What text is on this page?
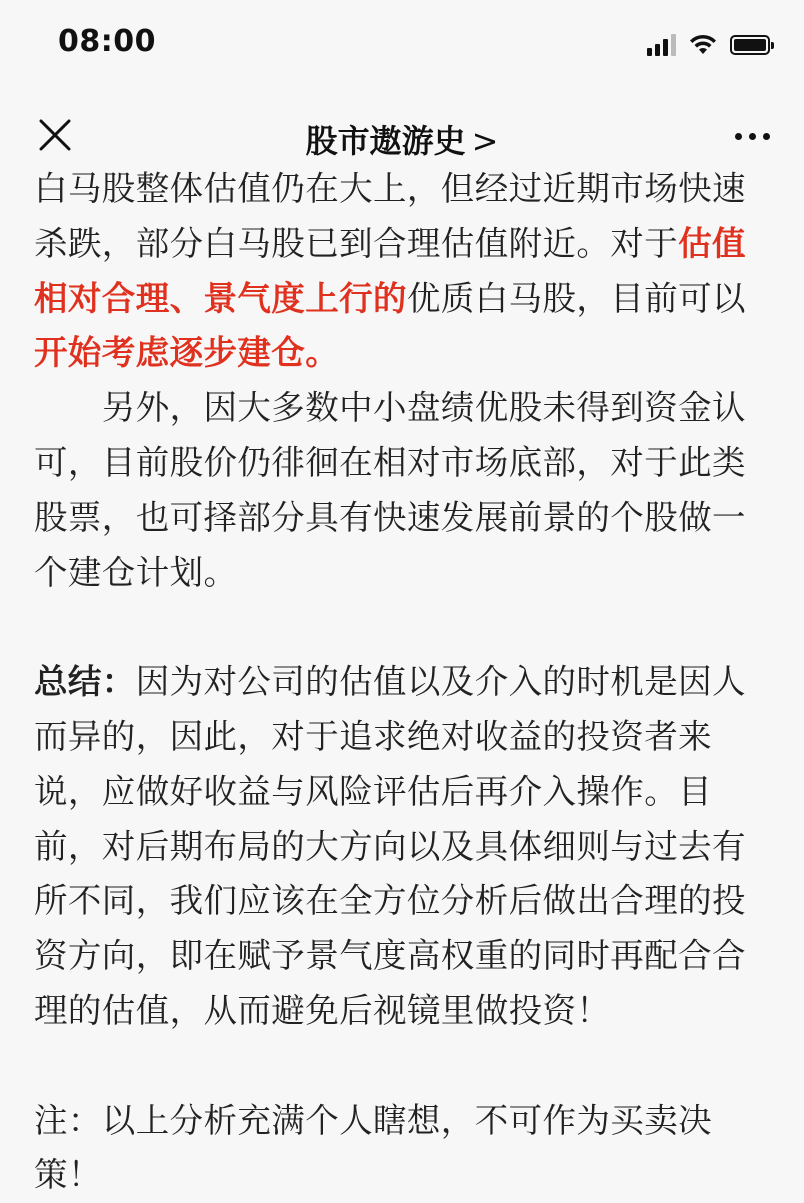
08:00
股市遨游史 >

白马股整体估值仍在大上，但经过近期市场快速杀跌，部分白马股已到合理估值附近。对于估值相对合理、景气度上行的优质白马股，目前可以开始考虑逐步建仓。

　　另外，因大多数中小盘绩优股未得到资金认可，目前股价仍徘徊在相对市场底部，对于此类股票，也可择部分具有快速发展前景的个股做一个建仓计划。

总结：因为对公司的估值以及介入的时机是因人而异的，因此，对于追求绝对收益的投资者来说，应做好收益与风险评估后再介入操作。目前，对后期布局的大方向以及具体细则与过去有所不同，我们应该在全方位分析后做出合理的投资方向，即在赋予景气度高权重的同时再配合合理的估值，从而避免后视镜里做投资！

注：以上分析充满个人瞎想，不可作为买卖决策！
